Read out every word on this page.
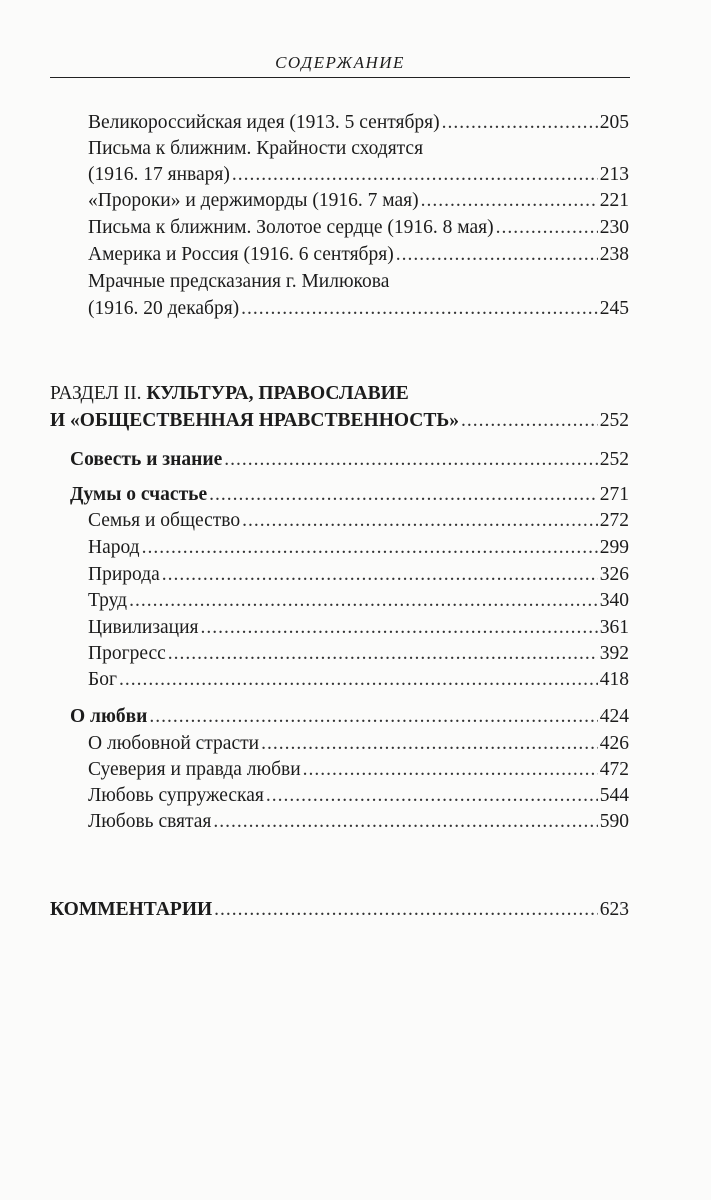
СОДЕРЖАНИЕ
Великороссийская идея (1913. 5 сентября) .....	205
Письма к ближним. Крайности сходятся
(1916. 17 января) .....	213
«Пророки» и держиморды (1916. 7 мая) .....	221
Письма к ближним. Золотое сердце (1916. 8 мая) .....	230
Америка и Россия (1916. 6 сентября) .....	238
Мрачные предсказания г. Милюкова
(1916. 20 декабря) .....	245
РАЗДЕЛ II. КУЛЬТУРА, ПРАВОСЛАВИЕ
И «ОБЩЕСТВЕННАЯ НРАВСТВЕННОСТЬ» .....	252
Совесть и знание .....	252
Думы о счастье .....	271
Семья и общество .....	272
Народ .....	299
Природа .....	326
Труд .....	340
Цивилизация .....	361
Прогресс .....	392
Бог .....	418
О любви .....	424
О любовной страсти .....	426
Суеверия и правда любви .....	472
Любовь супружеская .....	544
Любовь святая .....	590
КОММЕНТАРИИ .....	623
